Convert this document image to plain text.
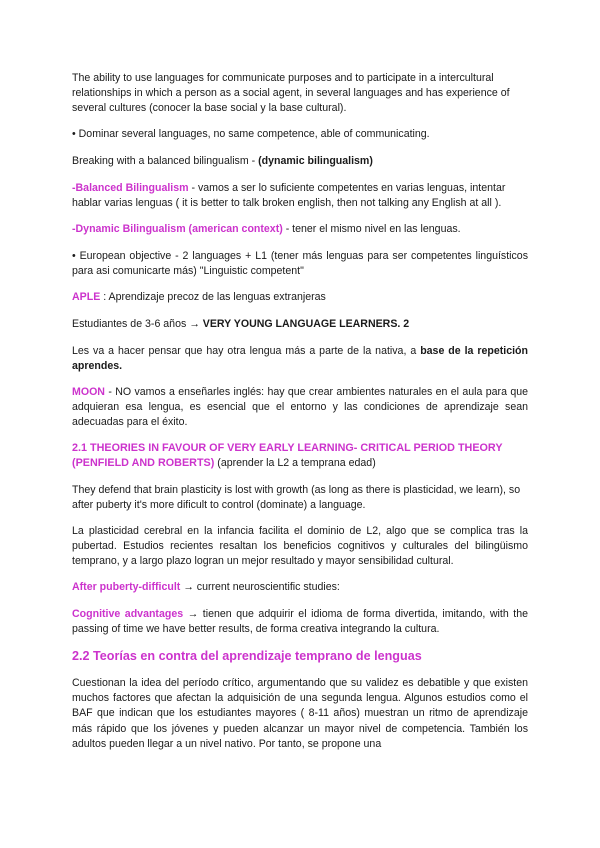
The ability to use languages for communicate purposes and to participate in a intercultural relationships in which a person as a social agent, in several languages and has experience of several cultures (conocer la base social y la base cultural).

• Dominar several languages, no same competence, able of communicating.

Breaking with a balanced bilingualism - (dynamic bilingualism)

-Balanced Bilingualism - vamos a ser lo suficiente competentes en varias lenguas, intentar hablar varias lenguas ( it is better to talk broken english, then not talking any English at all ).

-Dynamic Bilingualism (american context) - tener el mismo nivel en las lenguas.

• European objective - 2 languages + L1 (tener más lenguas para ser competentes linguísticos para asi comunicarte más) "Linguistic competent"

APLE : Aprendizaje precoz de las lenguas extranjeras

Estudiantes de 3-6 años → VERY YOUNG LANGUAGE LEARNERS. 2

Les va a hacer pensar que hay otra lengua más a parte de la nativa, a base de la repetición aprendes.

MOON - NO vamos a enseñarles inglés: hay que crear ambientes naturales en el aula para que adquieran esa lengua, es esencial que el entorno y las condiciones de aprendizaje sean adecuadas para el éxito.

2.1 THEORIES IN FAVOUR OF VERY EARLY LEARNING- CRITICAL PERIOD THEORY (PENFIELD AND ROBERTS) (aprender la L2 a temprana edad)

They defend that brain plasticity is lost with growth (as long as there is plasticidad, we learn), so after puberty it's more dificult to control (dominate) a language.

La plasticidad cerebral en la infancia facilita el dominio de L2, algo que se complica tras la pubertad. Estudios recientes resaltan los beneficios cognitivos y culturales del bilingüismo temprano, y a largo plazo logran un mejor resultado y mayor sensibilidad cultural.

After puberty-difficult → current neuroscientific studies:

Cognitive advantages → tienen que adquirir el idioma de forma divertida, imitando, with the passing of time we have better results, de forma creativa integrando la cultura.

2.2 Teorías en contra del aprendizaje temprano de lenguas

Cuestionan la idea del período crítico, argumentando que su validez es debatible y que existen muchos factores que afectan la adquisición de una segunda lengua. Algunos estudios como el BAF que indican que los estudiantes mayores ( 8-11 años) muestran un ritmo de aprendizaje más rápido que los jóvenes y pueden alcanzar un mayor nivel de competencia. También los adultos pueden llegar a un nivel nativo. Por tanto, se propone una
